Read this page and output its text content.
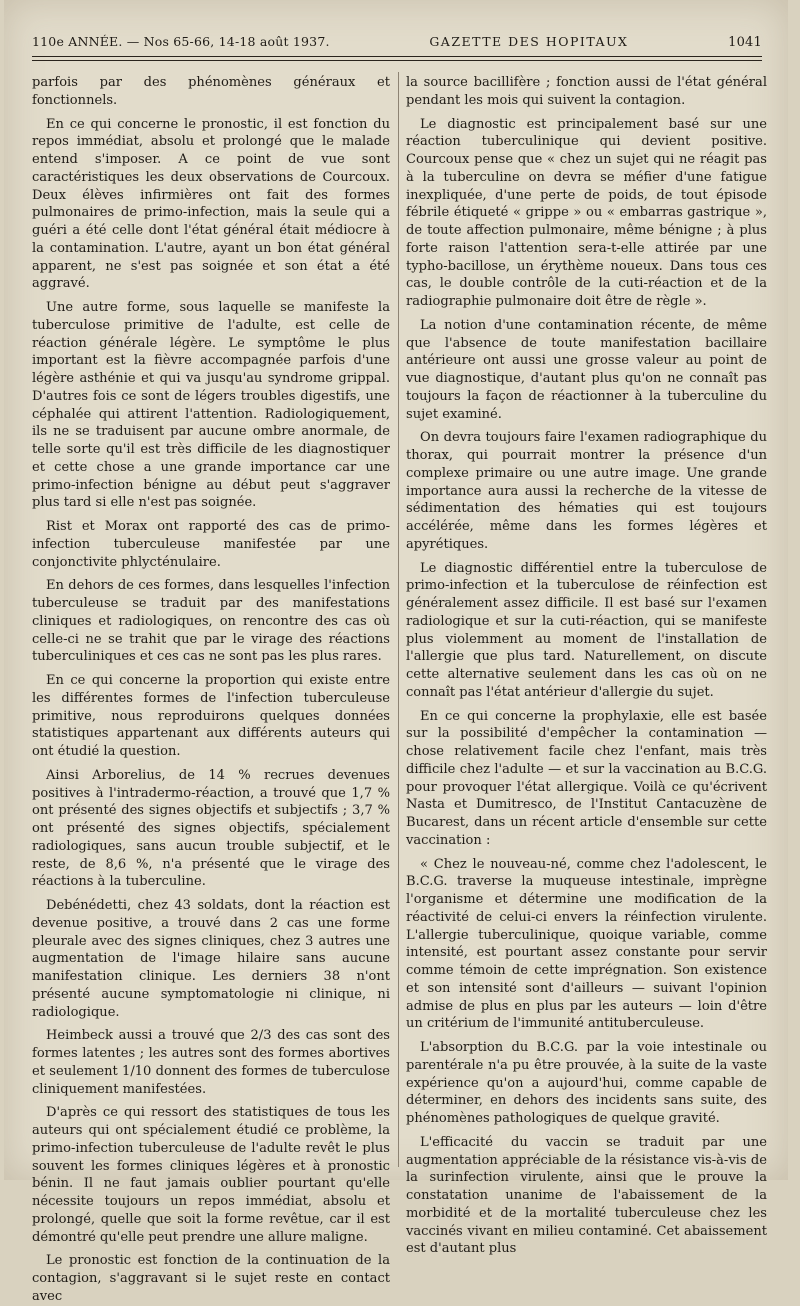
110e ANNÉE. — Nos 65-66, 14-18 août 1937.	GAZETTE DES HOPITAUX	1041

parfois par des phénomènes généraux et fonctionnels.

En ce qui concerne le pronostic, il est fonction du repos immédiat, absolu et prolongé que le malade entend s'imposer. A ce point de vue sont caractéristiques les deux observations de Courcoux. Deux élèves infirmières ont fait des formes pulmonaires de primo-infection, mais la seule qui a guéri a été celle dont l'état général était médiocre à la contamination. L'autre, ayant un bon état général apparent, ne s'est pas soignée et son état a été aggravé.

Une autre forme, sous laquelle se manifeste la tuberculose primitive de l'adulte, est celle de réaction générale légère. Le symptôme le plus important est la fièvre accompagnée parfois d'une légère asthénie et qui va jusqu'au syndrome grippal. D'autres fois ce sont de légers troubles digestifs, une céphalée qui attirent l'attention. Radiologiquement, ils ne se traduisent par aucune ombre anormale, de telle sorte qu'il est très difficile de les diagnostiquer et cette chose a une grande importance car une primo-infection bénigne au début peut s'aggraver plus tard si elle n'est pas soignée.

Rist et Morax ont rapporté des cas de primo-infection tuberculeuse manifestée par une conjonctivite phlycténulaire.

En dehors de ces formes, dans lesquelles l'infection tuberculeuse se traduit par des manifestations cliniques et radiologiques, on rencontre des cas où celle-ci ne se trahit que par le virage des réactions tuberculiniques et ces cas ne sont pas les plus rares.

En ce qui concerne la proportion qui existe entre les différentes formes de l'infection tuberculeuse primitive, nous reproduirons quelques données statistiques appartenant aux différents auteurs qui ont étudié la question.

Ainsi Arborelius, de 14 % recrues devenues positives à l'intradermo-réaction, a trouvé que 1,7 % ont présenté des signes objectifs et subjectifs ; 3,7 % ont présenté des signes objectifs, spécialement radiologiques, sans aucun trouble subjectif, et le reste, de 8,6 %, n'a présenté que le virage des réactions à la tuberculine.

Debénédetti, chez 43 soldats, dont la réaction est devenue positive, a trouvé dans 2 cas une forme pleurale avec des signes cliniques, chez 3 autres une augmentation de l'image hilaire sans aucune manifestation clinique. Les derniers 38 n'ont présenté aucune symptomatologie ni clinique, ni radiologique.

Heimbeck aussi a trouvé que 2/3 des cas sont des formes latentes ; les autres sont des formes abortives et seulement 1/10 donnent des formes de tuberculose cliniquement manifestées.

D'après ce qui ressort des statistiques de tous les auteurs qui ont spécialement étudié ce problème, la primo-infection tuberculeuse de l'adulte revêt le plus souvent les formes cliniques légères et à pronostic bénin. Il ne faut jamais oublier pourtant qu'elle nécessite toujours un repos immédiat, absolu et prolongé, quelle que soit la forme revêtue, car il est démontré qu'elle peut prendre une allure maligne.

Le pronostic est fonction de la continuation de la contagion, s'aggravant si le sujet reste en contact avec

la source bacillifère ; fonction aussi de l'état général pendant les mois qui suivent la contagion.

Le diagnostic est principalement basé sur une réaction tuberculinique qui devient positive. Courcoux pense que « chez un sujet qui ne réagit pas à la tuberculine on devra se méfier d'une fatigue inexpliquée, d'une perte de poids, de tout épisode fébrile étiqueté « grippe » ou « embarras gastrique », de toute affection pulmonaire, même bénigne ; à plus forte raison l'attention sera-t-elle attirée par une typho-bacillose, un érythème noueux. Dans tous ces cas, le double contrôle de la cuti-réaction et de la radiographie pulmonaire doit être de règle ».

La notion d'une contamination récente, de même que l'absence de toute manifestation bacillaire antérieure ont aussi une grosse valeur au point de vue diagnostique, d'autant plus qu'on ne connaît pas toujours la façon de réactionner à la tuberculine du sujet examiné.

On devra toujours faire l'examen radiographique du thorax, qui pourrait montrer la présence d'un complexe primaire ou une autre image. Une grande importance aura aussi la recherche de la vitesse de sédimentation des hématies qui est toujours accélérée, même dans les formes légères et apyrétiques.

Le diagnostic différentiel entre la tuberculose de primo-infection et la tuberculose de réinfection est généralement assez difficile. Il est basé sur l'examen radiologique et sur la cuti-réaction, qui se manifeste plus violemment au moment de l'installation de l'allergie que plus tard. Naturellement, on discute cette alternative seulement dans les cas où on ne connaît pas l'état antérieur d'allergie du sujet.

En ce qui concerne la prophylaxie, elle est basée sur la possibilité d'empêcher la contamination — chose relativement facile chez l'enfant, mais très difficile chez l'adulte — et sur la vaccination au B.C.G. pour provoquer l'état allergique. Voilà ce qu'écrivent Nasta et Dumitresco, de l'Institut Cantacuzène de Bucarest, dans un récent article d'ensemble sur cette vaccination :

« Chez le nouveau-né, comme chez l'adolescent, le B.C.G. traverse la muqueuse intestinale, imprègne l'organisme et détermine une modification de la réactivité de celui-ci envers la réinfection virulente. L'allergie tuberculinique, quoique variable, comme intensité, est pourtant assez constante pour servir comme témoin de cette imprégnation. Son existence et son intensité sont d'ailleurs — suivant l'opinion admise de plus en plus par les auteurs — loin d'être un critérium de l'immunité antituberculeuse.

L'absorption du B.C.G. par la voie intestinale ou parentérale n'a pu être prouvée, à la suite de la vaste expérience qu'on a aujourd'hui, comme capable de déterminer, en dehors des incidents sans suite, des phénomènes pathologiques de quelque gravité.

L'efficacité du vaccin se traduit par une augmentation appréciable de la résistance vis-à-vis de la surinfection virulente, ainsi que le prouve la constatation unanime de l'abaissement de la morbidité et de la mortalité tuberculeuse chez les vaccinés vivant en milieu contaminé. Cet abaissement est d'autant plus
